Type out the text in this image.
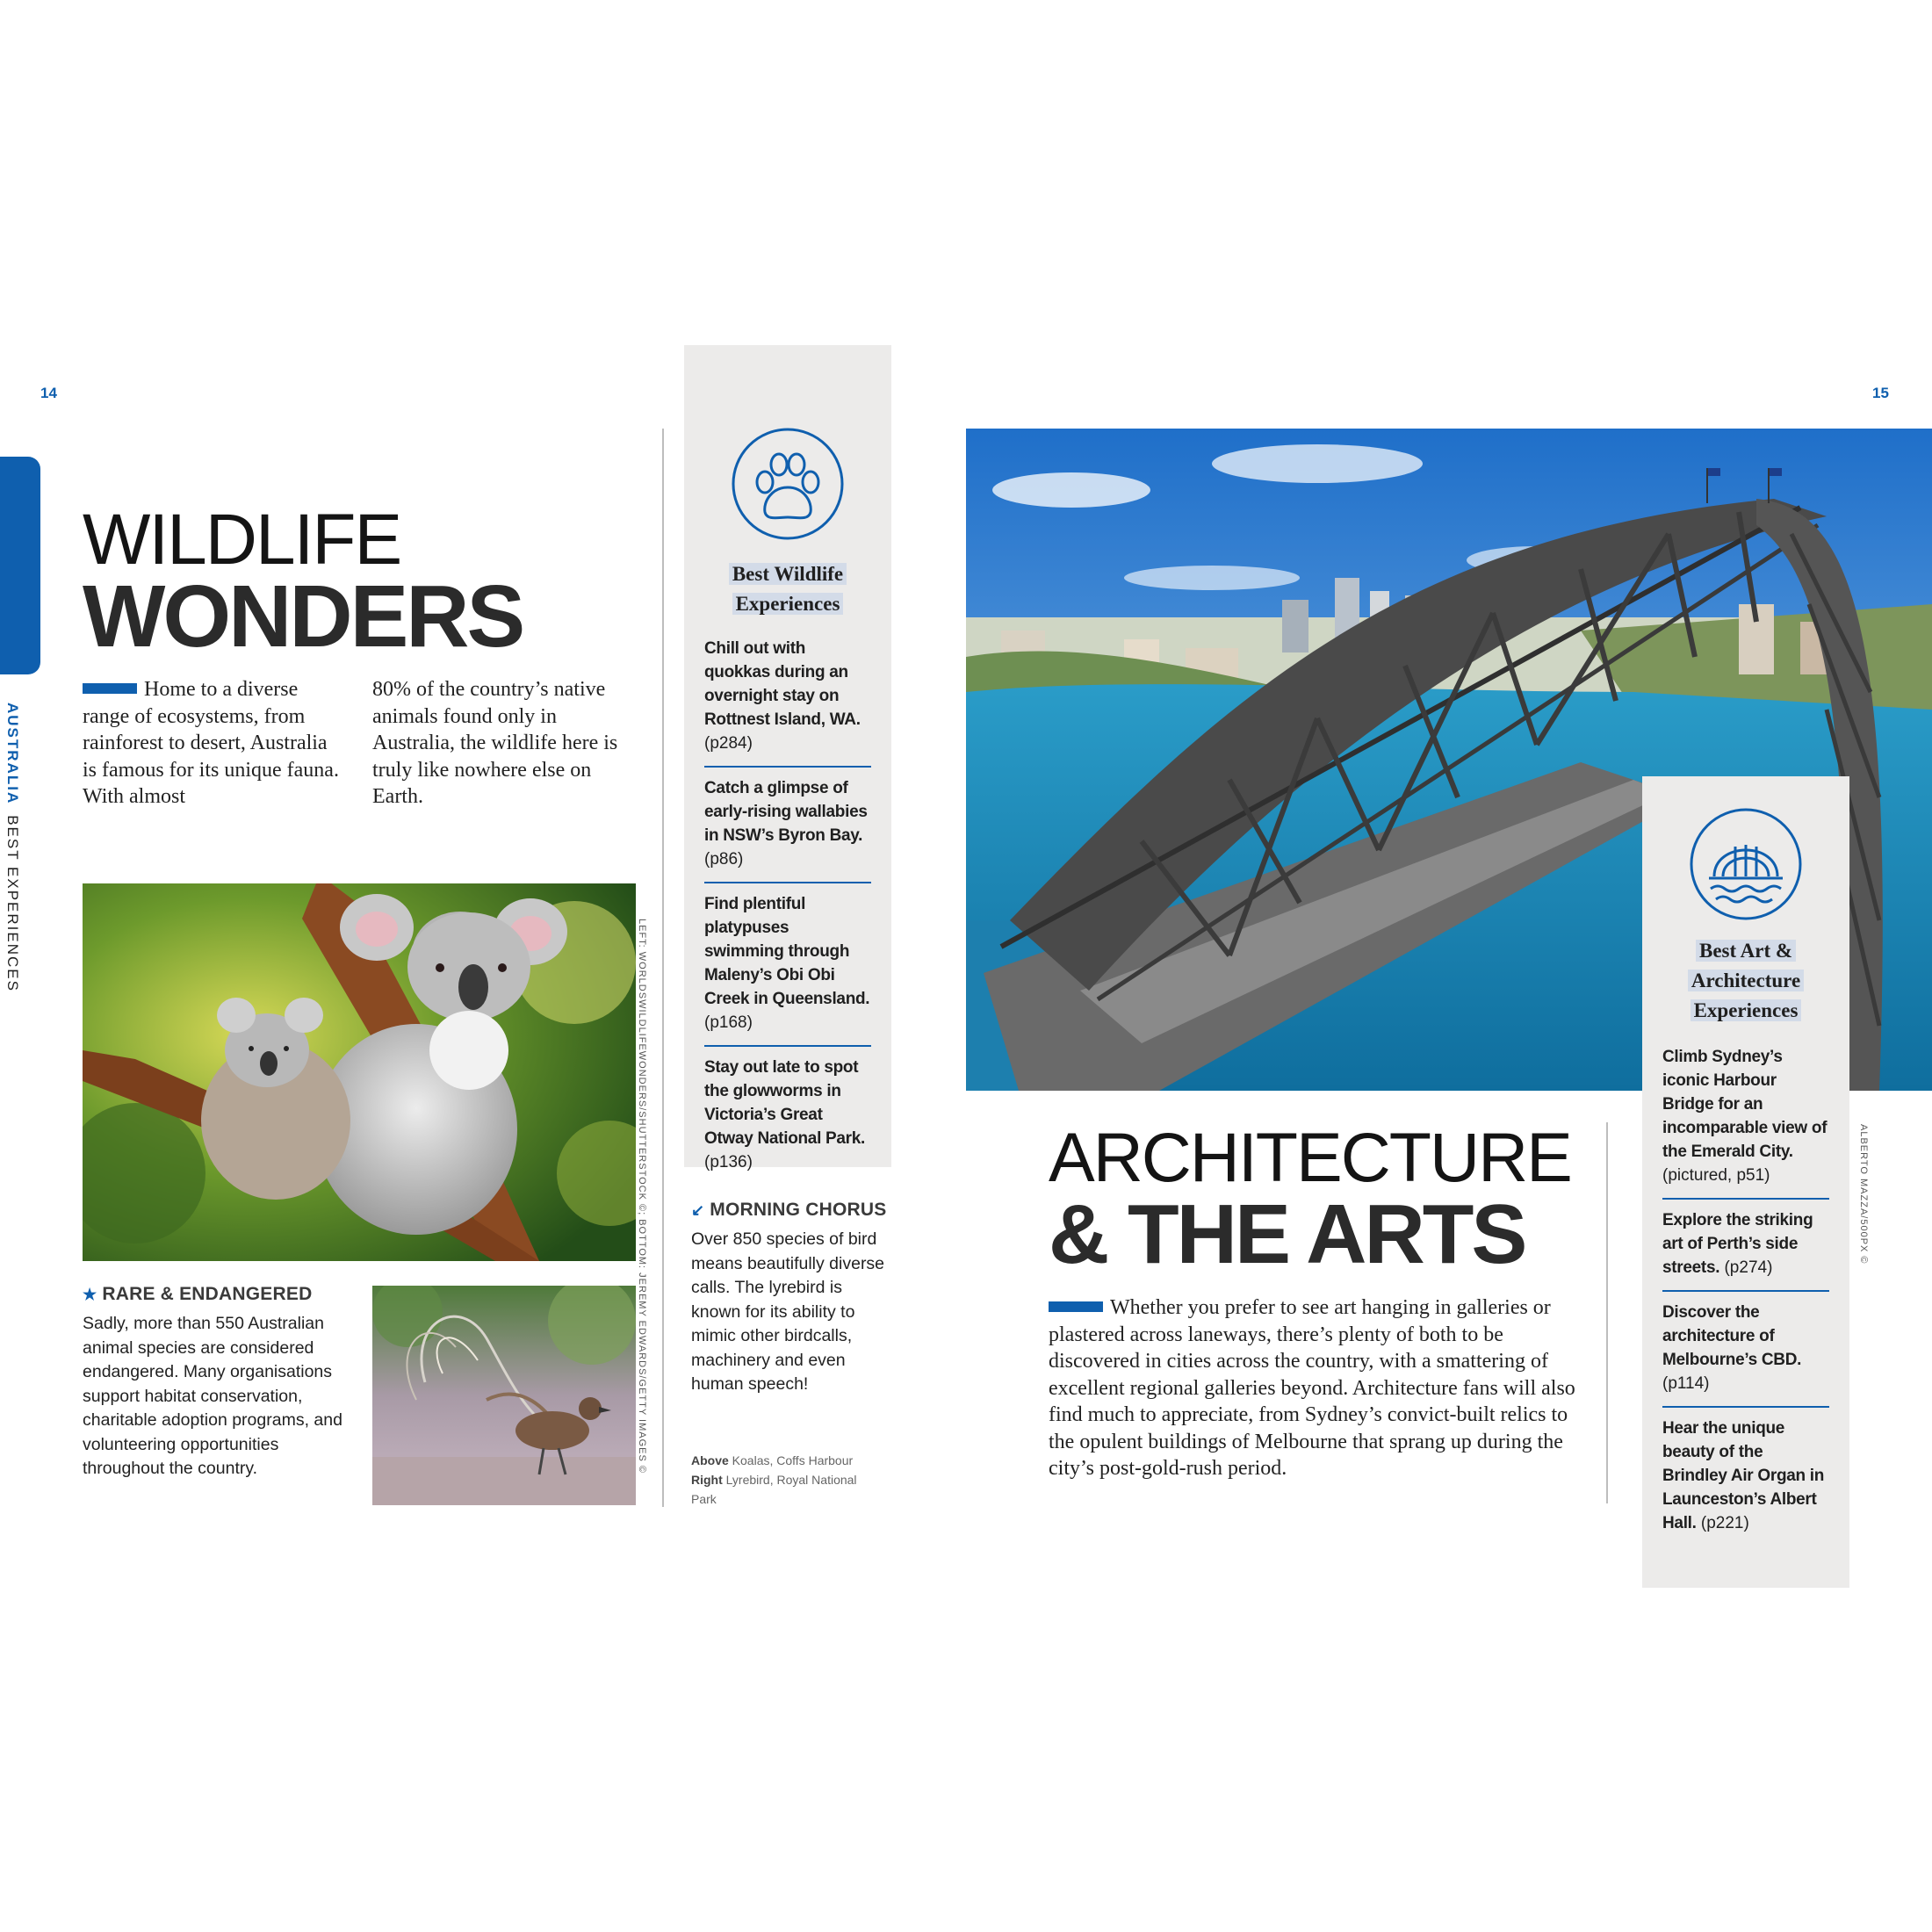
14
AUSTRALIABEST EXPERIENCES
WILDLIFE
WONDERS
Home to a diverse range of ecosystems, from rainforest to desert, Australia is famous for its unique fauna. With almost
80% of the country’s native animals found only in Australia, the wildlife here is truly like nowhere else on Earth.
★ RARE & ENDANGERED
Sadly, more than 550 Australian animal species are considered endangered. Many organisations support habitat conservation, charitable adoption programs, and volunteering opportunities throughout the country.	LEFT: WORLDSWILDLIFEWONDERS/SHUTTERSTOCK ©; BOTTOM: JEREMY EDWARDS/GETTY IMAGES ©
Best Wildlife
Experiences
Chill out with quokkas during an overnight stay on Rottnest Island, WA. (p284)
Catch a glimpse of early-rising wallabies in NSW’s Byron Bay. (p86)
Find plentiful platypuses swimming through Maleny’s Obi Obi Creek in Queensland. (p168)
Stay out late to spot the glowworms in Victoria’s Great Otway National Park. (p136)
↙ MORNING CHORUS
Over 850 species of bird means beautifully diverse calls. The lyrebird is known for its ability to mimic other birdcalls, machinery and even human speech!
Above Koalas, Coffs Harbour
Right Lyrebird, Royal National Park
15
ARCHITECTURE
& THE ARTS
Whether you prefer to see art hanging in galleries or plastered across laneways, there’s plenty of both to be discovered in cities across the country, with a smattering of excellent regional galleries beyond. Architecture fans will also find much to appreciate, from Sydney’s convict-built relics to the opulent buildings of Melbourne that sprang up during the city’s post-gold-rush period.
Best Art &
Architecture
Experiences
Climb Sydney’s iconic Harbour Bridge for an incomparable view of the Emerald City. (pictured, p51)
Explore the striking art of Perth’s side streets. (p274)
Discover the architecture of Melbourne’s CBD. (p114)
Hear the unique beauty of the Brindley Air Organ in Launceston’s Albert Hall. (p221)
ALBERTO MAZZA/500PX ©
